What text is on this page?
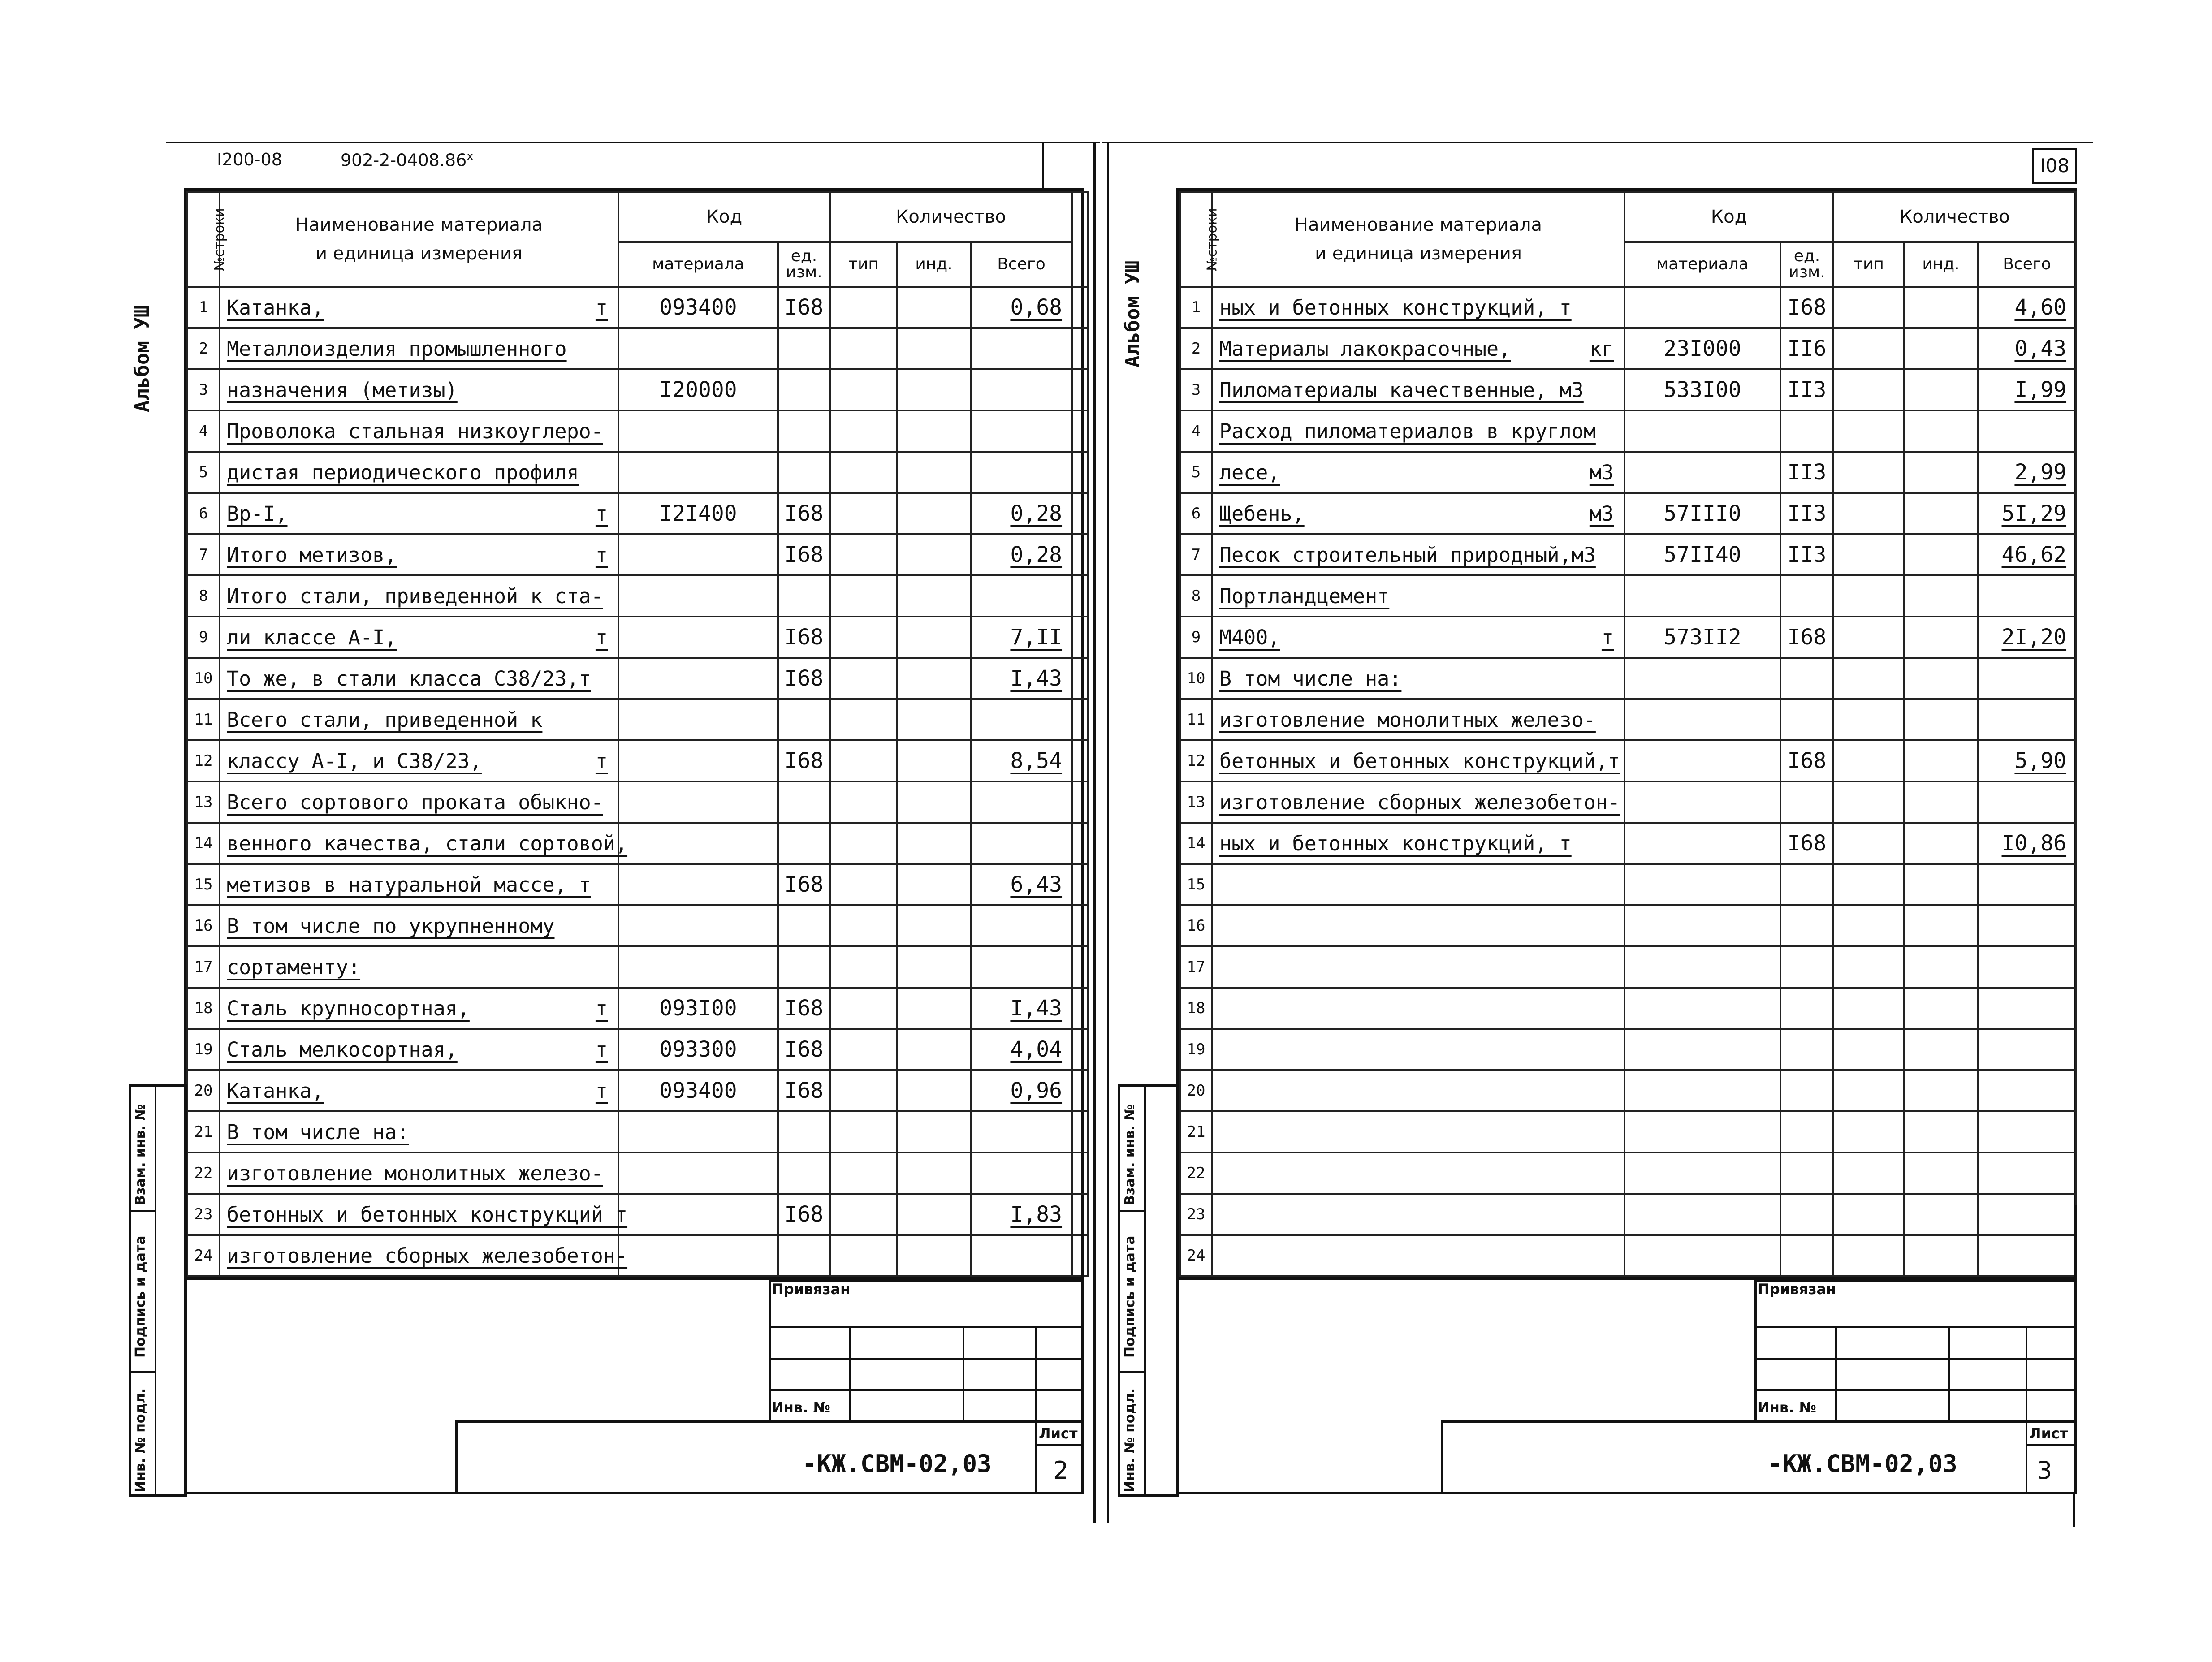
I200-08	$902-2-0408.86^х$	I08
Альбом УШ	Альбом УШ
№строки	Наименование материала
и единица измерения	Код		Количество			
		материала	ед.
изм.	тип	инд.	Всего	
1	Катанка, т	093400	I68			0,68	
2	Металлоизделия промышленного						

3	назначения (метизы)	I20000					
4	Проволока стальная низкоуглеро-						

5	дистая периодического профиля						

6	Вр-I, т	I2I400	I68			0,28	
7	Итого метизов, т		I68			0,28	
8	Итого стали, приведенной к ста-						

9	ли классе А-I, т		I68			7,II	
10	То же, в стали класса С38/23,т		I68			I,43	
11	Всего стали, приведенной к						

12	классу А-I, и С38/23, т		I68			8,54	
13	Всего сортового проката обыкно-						

14	венного качества, стали сортовой,						

15	метизов в натуральной массе, т		I68			6,43	
16	В том числе по укрупненному						

17	сортаменту:						

18	Сталь крупносортная, т	093I00	I68			I,43	
19	Сталь мелкосортная, т	093300	I68			4,04	
20	Катанка, т	093400	I68			0,96	
21	В том числе на:						

22	изготовление монолитных железо-						

23	бетонных и бетонных конструкций т		I68			I,83	
24	изготовление сборных железобетон-						

№строки	Наименование материала
и единица измерения	Код		Количество			
		материала	ед.
изм.	тип	инд.	Всего	
1	ных и бетонных конструкций, т		I68			4,60	
2	Материалы лакокрасочные, кг	23I000	II6			0,43	
3	Пиломатериалы качественные, м3	533I00	II3			I,99	
4	Расход пиломатериалов в круглом						

5	лесе, м3		II3			2,99	
6	Щебень, м3	57III0	II3			5I,29	
7	Песок строительный природный,м3	57II40	II3			46,62	
8	Портландцемент						

9	М400, т	573II2	I68			2I,20	
10	В том числе на:						

11	изготовление монолитных железо-						

12	бетонных и бетонных конструкций,т		I68			5,90	
13	изготовление сборных железобетон-						

14	ных и бетонных конструкций, т		I68			I0,86	
15	

16	

17	

18	

19	

20	

21	

22	

23	

24	

Привязан
Инв. №
-КЖ.СВМ-02,03
Лист
2
Взам. инв. №
Подпись и дата
Инв. № подл.
Привязан
Инв. №
-КЖ.СВМ-02,03
Лист
3
Взам. инв. №
Подпись и дата
Инв. № подл.
